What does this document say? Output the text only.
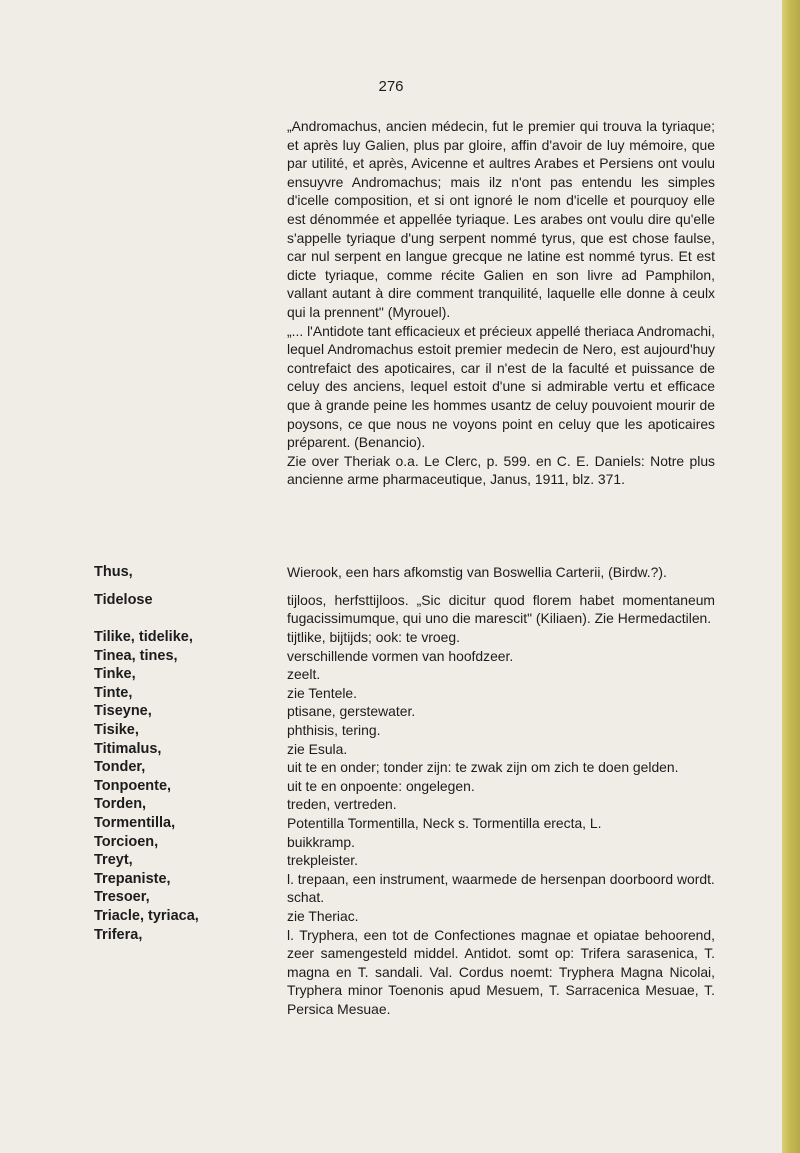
276

„Andromachus, ancien médecin, fut le premier qui trouva la tyriaque; et après luy Galien, plus par gloire, affin d'avoir de luy mémoire, que par utilité, et après, Avicenne et aultres Arabes et Persiens ont voulu ensuyvre Andromachus; mais ilz n'ont pas entendu les simples d'icelle composition, et si ont ignoré le nom d'icelle et pourquoy elle est dénommée et appellée tyriaque. Les arabes ont voulu dire qu'elle s'appelle tyriaque d'ung serpent nommé tyrus, que est chose faulse, car nul serpent en langue grecque ne latine est nommé tyrus. Et est dicte tyriaque, comme récite Galien en son livre ad Pamphilon, vallant autant à dire comment tranquilité, laquelle elle donne à ceulx qui la prennent" (Myrouel).

„... l'Antidote tant efficacieux et précieux appellé theriaca Andromachi, lequel Andromachus estoit premier medecin de Nero, est aujourd'huy contrefaict des apoticaires, car il n'est de la faculté et puissance de celuy des anciens, lequel estoit d'une si admirable vertu et efficace que à grande peine les hommes usantz de celuy pouvoient mourir de poysons, ce que nous ne voyons point en celuy que les apoticaires préparent. (Benancio).

Zie over Theriak o.a. Le Clerc, p. 599. en C. E. Daniels: Notre plus ancienne arme pharmaceutique, Janus, 1911, blz. 371.

Thus,	Wierook, een hars afkomstig van Boswellia Carterii, (Birdw.?).
Tidelose	tijloos, herfsttijloos. „Sic dicitur quod florem habet momentaneum fugacissimumque, qui uno die marescit" (Kiliaen). Zie Hermedactilen.
Tilike, tidelike,	tijtlike, bijtijds; ook: te vroeg.
Tinea, tines,	verschillende vormen van hoofdzeer.
Tinke,	zeelt.
Tinte,	zie Tentele.
Tiseyne,	ptisane, gerstewater.
Tisike,	phthisis, tering.
Titimalus,	zie Esula.
Tonder,	uit te en onder; tonder zijn: te zwak zijn om zich te doen gelden.
Tonpoente,	uit te en onpoente: ongelegen.
Torden,	treden, vertreden.
Tormentilla,	Potentilla Tormentilla, Neck s. Tormentilla erecta, L.
Torcioen,	buikkramp.
Treyt,	trekpleister.
Trepaniste,	l. trepaan, een instrument, waarmede de hersenpan doorboord wordt.
Tresoer,	schat.
Triacle, tyriaca,	zie Theriac.
Trifera,	l. Tryphera, een tot de Confectiones magnae et opiatae behoorend, zeer samengesteld middel. Antidot. somt op: Trifera sarasenica, T. magna en T. sandali. Val. Cordus noemt: Tryphera Magna Nicolai, Tryphera minor Toenonis apud Mesuem, T. Sarracenica Mesuae, T. Persica Mesuae.
